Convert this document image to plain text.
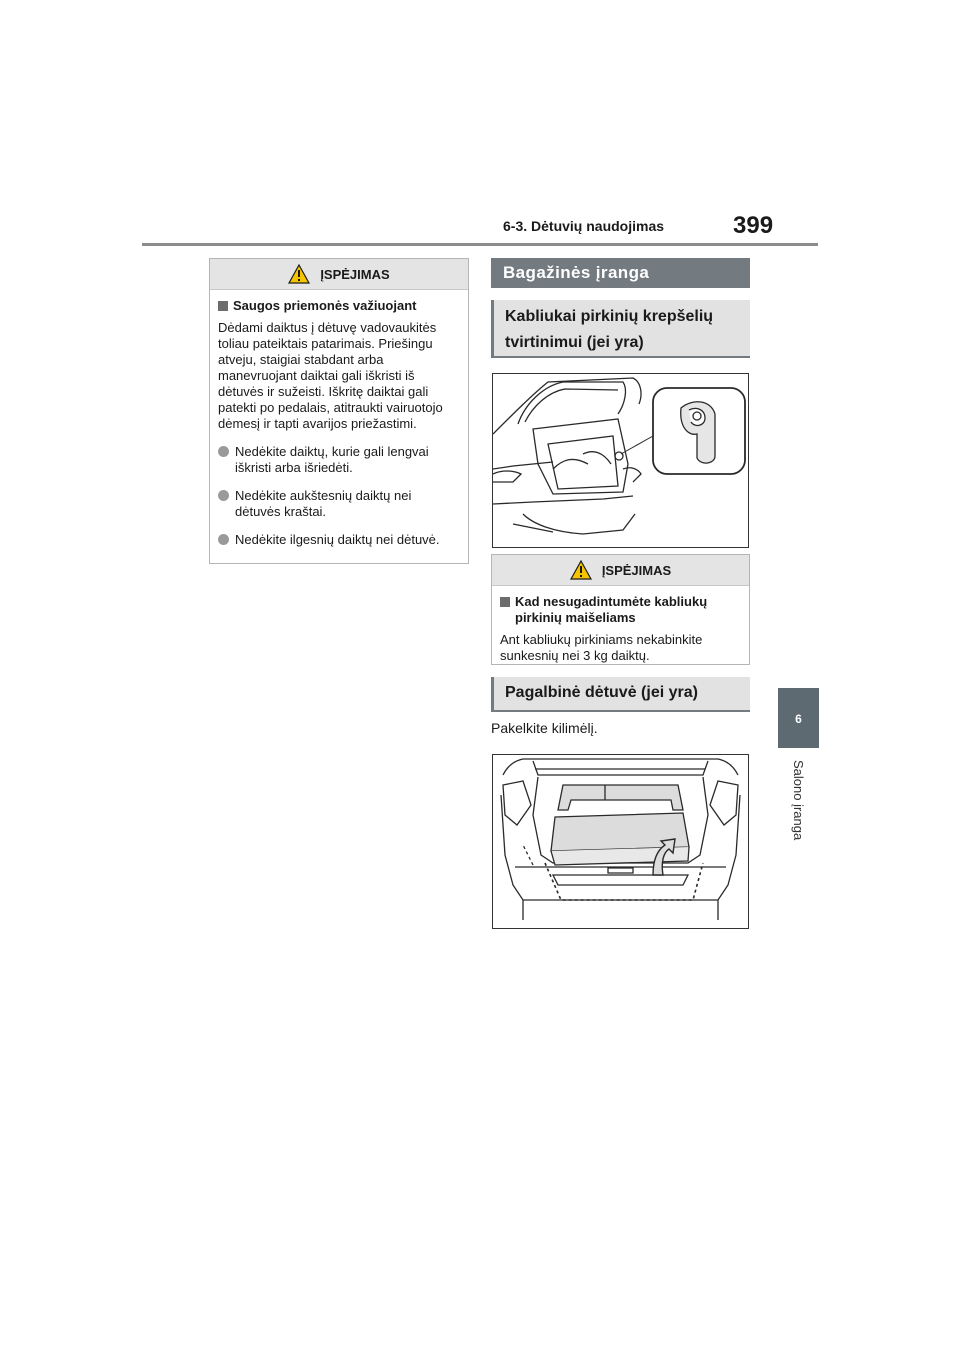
6-3. Dėtuvių naudojimas	399
6
Salono įranga
ĮSPĖJIMAS
Saugos priemonės važiuojant

Dėdami daiktus į dėtuvę vadovaukitės toliau pateiktais patarimais. Priešingu atveju, staigiai stabdant arba manevruojant daiktai gali iškristi iš dėtuvės ir sužeisti. Iškritę daiktai gali patekti po pedalais, atitraukti vairuotojo dėmesį ir tapti avarijos priežastimi.

Nedėkite daiktų, kurie gali lengvai iškristi arba išriedėti.
Nedėkite aukštesnių daiktų nei dėtuvės kraštai.
Nedėkite ilgesnių daiktų nei dėtuvė.
Bagažinės įranga
Kabliukai pirkinių krepšelių tvirtinimui (jei yra)
ĮSPĖJIMAS
Kad nesugadintumėte kabliukų pirkinių maišeliams

Ant kabliukų pirkiniams nekabinkite sunkesnių nei 3 kg daiktų.

Pagalbinė dėtuvė (jei yra)
Pakelkite kilimėlį.
